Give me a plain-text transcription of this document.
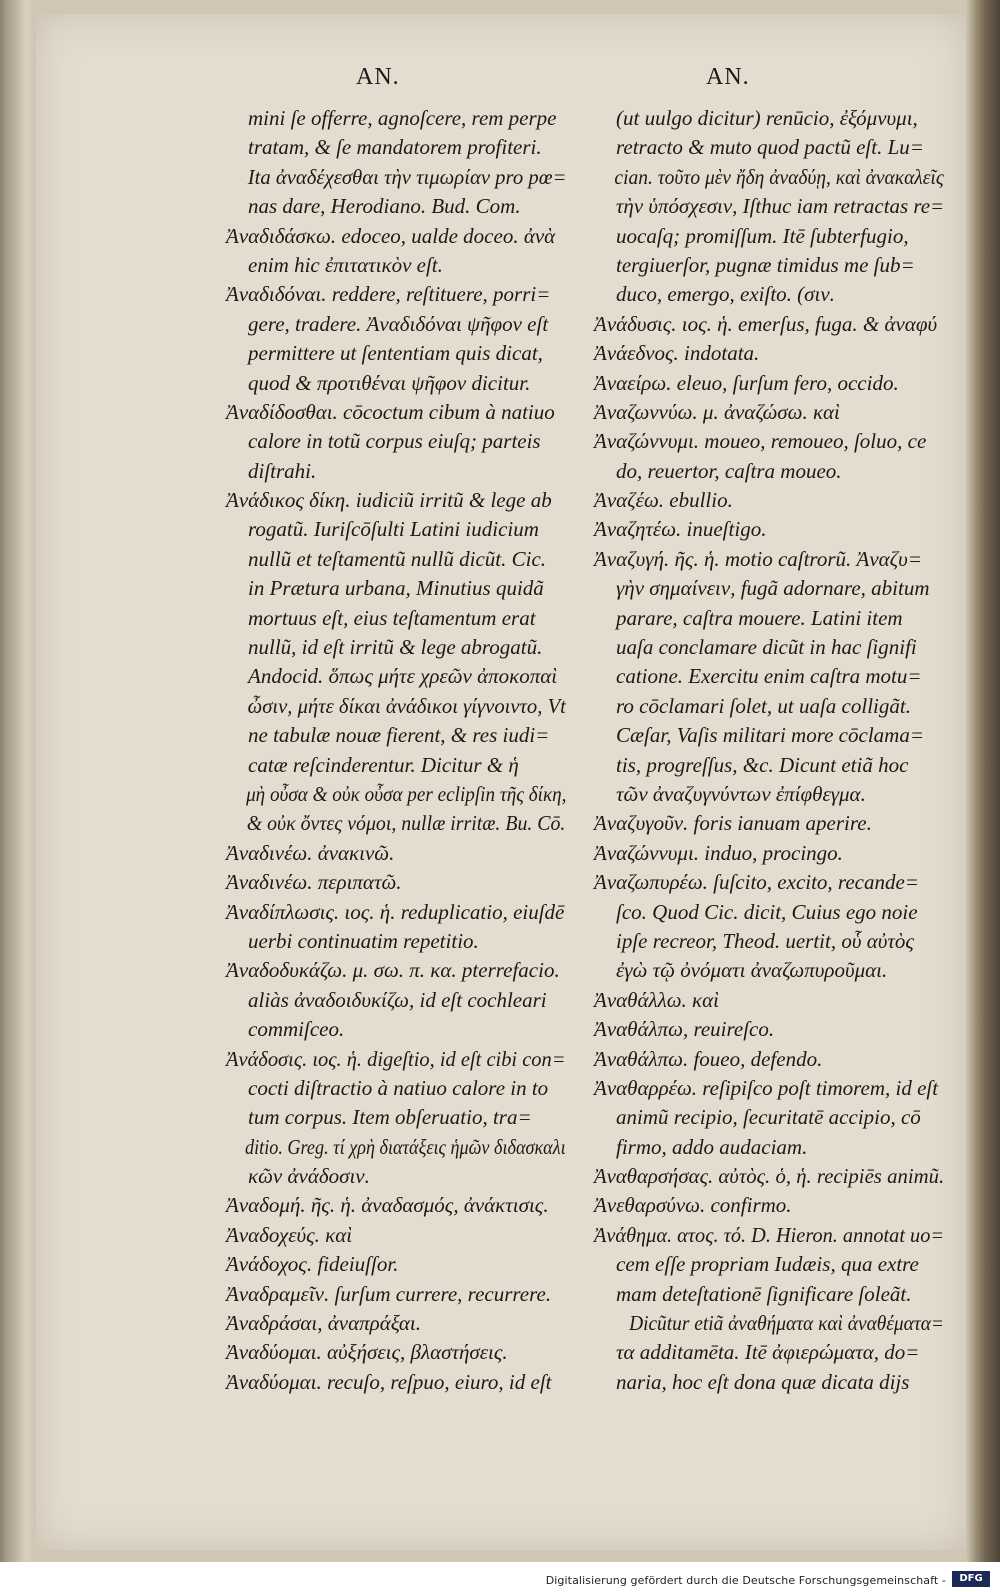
AN.	AN.
mini ſe offerre, agnoſcere, rem perpe
tratam, & ſe mandatorem profiteri.
Ita ἀναδέχεσθαι τὴν τιμωρίαν pro pœ=
nas dare, Herodiano. Bud. Com.
Ἀναδιδάσκω. edoceo, ualde doceo. ἀνὰ
enim hic ἐπιτατικὸν eſt.
Ἀναδιδόναι. reddere, reſtituere, porri=
gere, tradere. Ἀναδιδόναι ψῆφον eſt
permittere ut ſententiam quis dicat,
quod & προτιθέναι ψῆφον dicitur.
Ἀναδίδοσθαι. cōcoctum cibum à natiuo
calore in totũ corpus eiuſq; parteis
diſtrahi.
Ἀνάδικος δίκη. iudiciũ irritũ & lege ab
rogatũ. Iuriſcōſulti Latini iudicium
nullũ et teſtamentũ nullũ dicũt. Cic.
in Prætura urbana, Minutius quidã
mortuus eſt, eius teſtamentum erat
nullũ, id eſt irritũ & lege abrogatũ.
Andocid. ὅπως μήτε χρεῶν ἀποκοπαὶ
ὦσιν, μήτε δίκαι ἀνάδικοι γίγνοιντο, Vt
ne tabulæ nouæ fierent, & res iudi=
catæ reſcinderentur. Dicitur & ἡ
μὴ οὖσα & οὐκ οὖσα per eclipſin τῆς δίκη,
& οὐκ ὄντες νόμοι, nullæ irritæ. Bu. Cō.
Ἀναδινέω. ἀνακινῶ.
Ἀναδινέω. περιπατῶ.
Ἀναδίπλωσις. ιος. ἡ. reduplicatio, eiuſdē
uerbi continuatim repetitio.
Ἀναδοδυκάζω. μ. σω. π. κα. pterrefacio.
aliàs ἀναδοιδυκίζω, id eſt cochleari
commiſceo.
Ἀνάδοσις. ιος. ἡ. digeſtio, id eſt cibi con=
cocti diſtractio à natiuo calore in to
tum corpus. Item obſeruatio, tra=
ditio. Greg. τί χρὴ διατάξεις ἡμῶν διδασκαλι
κῶν ἀνάδοσιν.
Ἀναδομή. ῆς. ἡ. ἀναδασμός, ἀνάκτισις.
Ἀναδοχεύς. καὶ
Ἀνάδοχος. fideiuſſor.
Ἀναδραμεῖν. ſurſum currere, recurrere.
Ἀναδράσαι, ἀναπράξαι.
Ἀναδύομαι. αὐξήσεις, βλαστήσεις.
Ἀναδύομαι. recuſo, reſpuo, eiuro, id eſt
(ut uulgo dicitur) renūcio, ἐξόμνυμι,
retracto & muto quod pactũ eſt. Lu=
cian. τοῦτο μὲν ἤδη ἀναδύῃ, καὶ ἀνακαλεῖς
τὴν ὑπόσχεσιν, Iſthuc iam retractas re=
uocaſq; promiſſum. Itē ſubterfugio,
tergiuerſor, pugnæ timidus me ſub=
duco, emergo, exiſto. (σιν.
Ἀνάδυσις. ιος. ἡ. emerſus, fuga. & ἀναφύ
Ἀνάεδνος. indotata.
Ἀναείρω. eleuo, ſurſum fero, occido.
Ἀναζωννύω. μ. ἀναζώσω. καὶ
Ἀναζώννυμι. moueo, remoueo, ſoluo, ce
do, reuertor, caſtra moueo.
Ἀναζέω. ebullio.
Ἀναζητέω. inueſtigo.
Ἀναζυγή. ῆς. ἡ. motio caſtrorũ. Ἀναζυ=
γὴν σημαίνειν, fugã adornare, abitum
parare, caſtra mouere. Latini item
uaſa conclamare dicũt in hac ſignifi
catione. Exercitu enim caſtra motu=
ro cōclamari ſolet, ut uaſa colligãt.
Cæſar, Vaſis militari more cōclama=
tis, progreſſus, &c. Dicunt etiã hoc
τῶν ἀναζυγνύντων ἐπίφθεγμα.
Ἀναζυγοῦν. foris ianuam aperire.
Ἀναζώννυμι. induo, procingo.
Ἀναζωπυρέω. ſuſcito, excito, recande=
ſco. Quod Cic. dicit, Cuius ego noie
ipſe recreor, Theod. uertit, οὗ αὐτὸς
ἐγὼ τῷ ὀνόματι ἀναζωπυροῦμαι.
Ἀναθάλλω. καὶ
Ἀναθάλπω, reuireſco.
Ἀναθάλπω. foueo, defendo.
Ἀναθαρρέω. reſipiſco poſt timorem, id eſt
animũ recipio, ſecuritatē accipio, cō
firmo, addo audaciam.
Ἀναθαρσήσας. αὐτὸς. ὁ, ἡ. recipiēs animũ.
Ἀνεθαρσύνω. confirmo.
Ἀνάθημα. ατος. τό. D. Hieron. annotat uo=
cem eſſe propriam Iudæis, qua extre
mam deteſtationē ſignificare ſoleãt.
Dicũtur etiã ἀναθήματα καὶ ἀναθέματα=
τα additamēta. Itē ἀφιερώματα, do=
naria, hoc eſt dona quæ dicata dijs
Digitalisierung gefördert durch die Deutsche Forschungsgemeinschaft -	DFG
